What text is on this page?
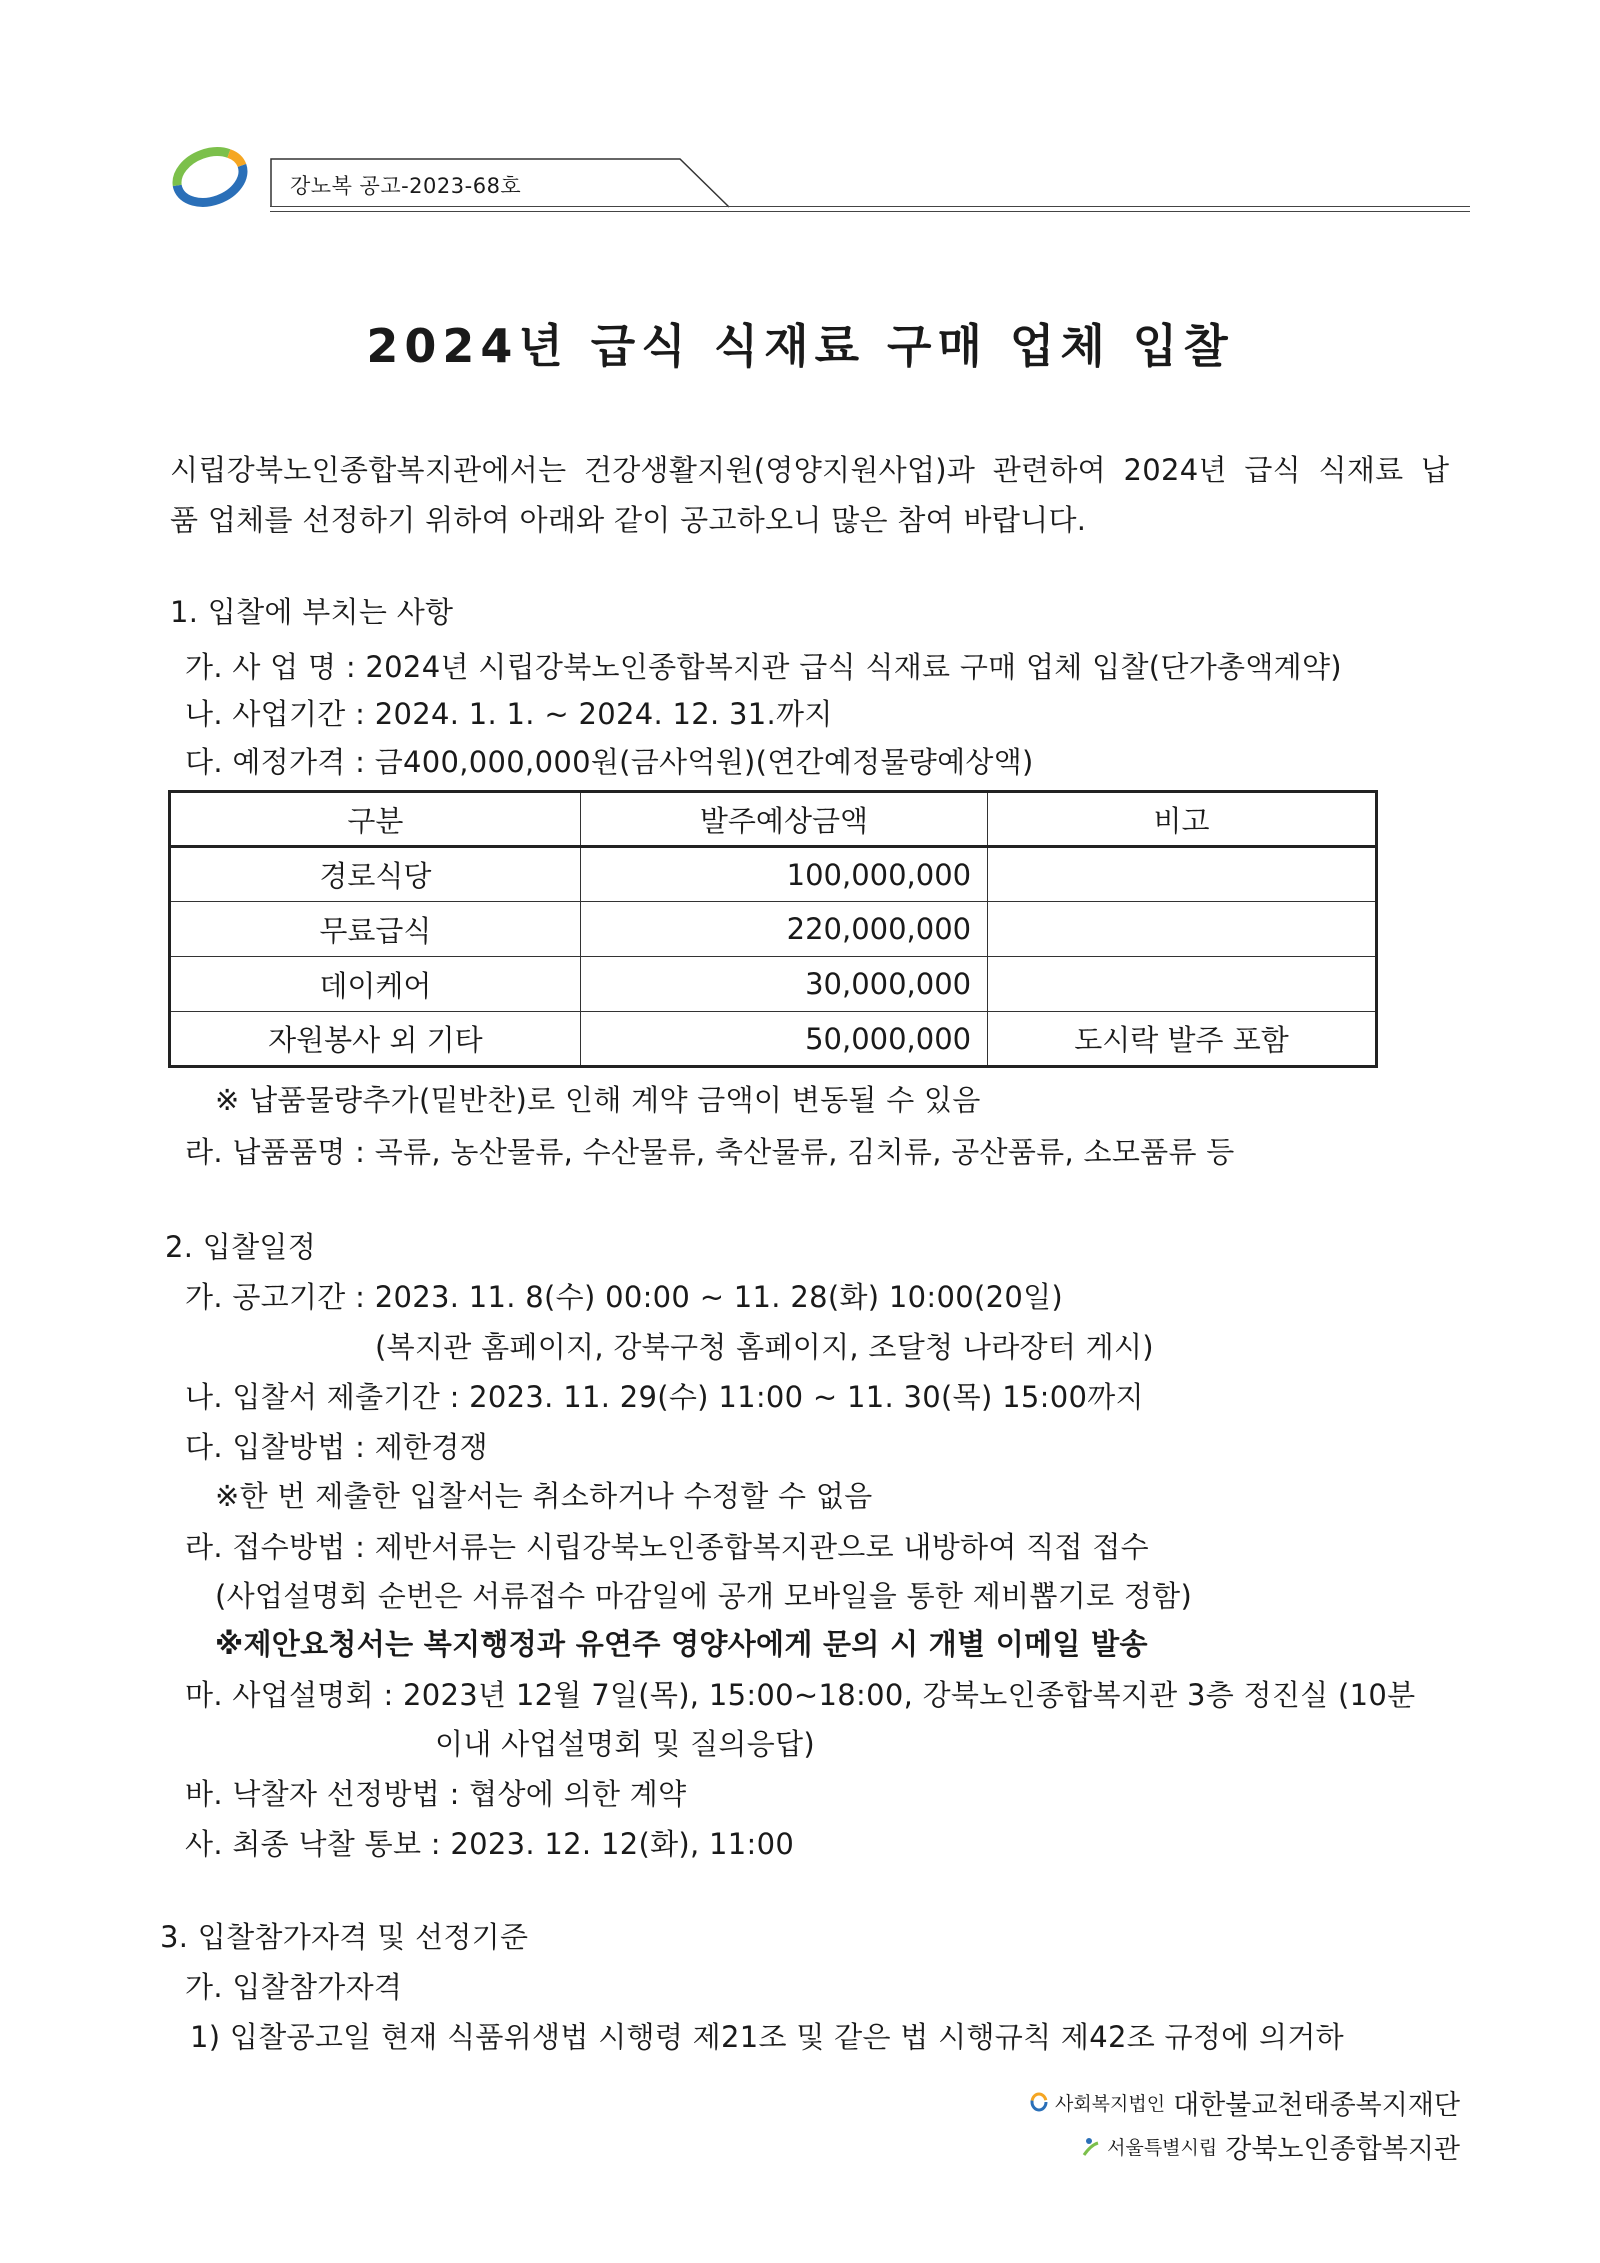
강노복 공고-2023-68호
2024년 급식 식재료 구매 업체 입찰
시립강북노인종합복지관에서는 건강생활지원(영양지원사업)과 관련하여 2024년 급식 식재료 납
품 업체를 선정하기 위하여 아래와 같이 공고하오니 많은 참여 바랍니다.
1. 입찰에 부치는 사항
가. 사 업 명 : 2024년 시립강북노인종합복지관 급식 식재료 구매 업체 입찰(단가총액계약)
나. 사업기간 : 2024. 1. 1. ~ 2024. 12. 31.까지
다. 예정가격 : 금400,000,000원(금사억원)(연간예정물량예상액)
구분	발주예상금액	비고
경로식당	100,000,000	
무료급식	220,000,000	
데이케어	30,000,000	
자원봉사 외 기타	50,000,000	도시락 발주 포함
※ 납품물량추가(밑반찬)로 인해 계약 금액이 변동될 수 있음
라. 납품품명 : 곡류, 농산물류, 수산물류, 축산물류, 김치류, 공산품류, 소모품류 등
2. 입찰일정
가. 공고기간 : 2023. 11. 8(수) 00:00 ~ 11. 28(화) 10:00(20일)
(복지관 홈페이지, 강북구청 홈페이지, 조달청 나라장터 게시)
나. 입찰서 제출기간 : 2023. 11. 29(수) 11:00 ~ 11. 30(목) 15:00까지
다. 입찰방법 : 제한경쟁
※한 번 제출한 입찰서는 취소하거나 수정할 수 없음
라. 접수방법 : 제반서류는 시립강북노인종합복지관으로 내방하여 직접 접수
(사업설명회 순번은 서류접수 마감일에 공개 모바일을 통한 제비뽑기로 정함)
※제안요청서는 복지행정과 유연주 영양사에게 문의 시 개별 이메일 발송
마. 사업설명회 : 2023년 12월 7일(목), 15:00~18:00, 강북노인종합복지관 3층 정진실 (10분
이내 사업설명회 및 질의응답)
바. 낙찰자 선정방법 : 협상에 의한 계약
사. 최종 낙찰 통보 : 2023. 12. 12(화), 11:00
3. 입찰참가자격 및 선정기준
가. 입찰참가자격
1) 입찰공고일 현재 식품위생법 시행령 제21조 및 같은 법 시행규칙 제42조 규정에 의거하
사회복지법인 대한불교천태종복지재단
서울특별시립 강북노인종합복지관
